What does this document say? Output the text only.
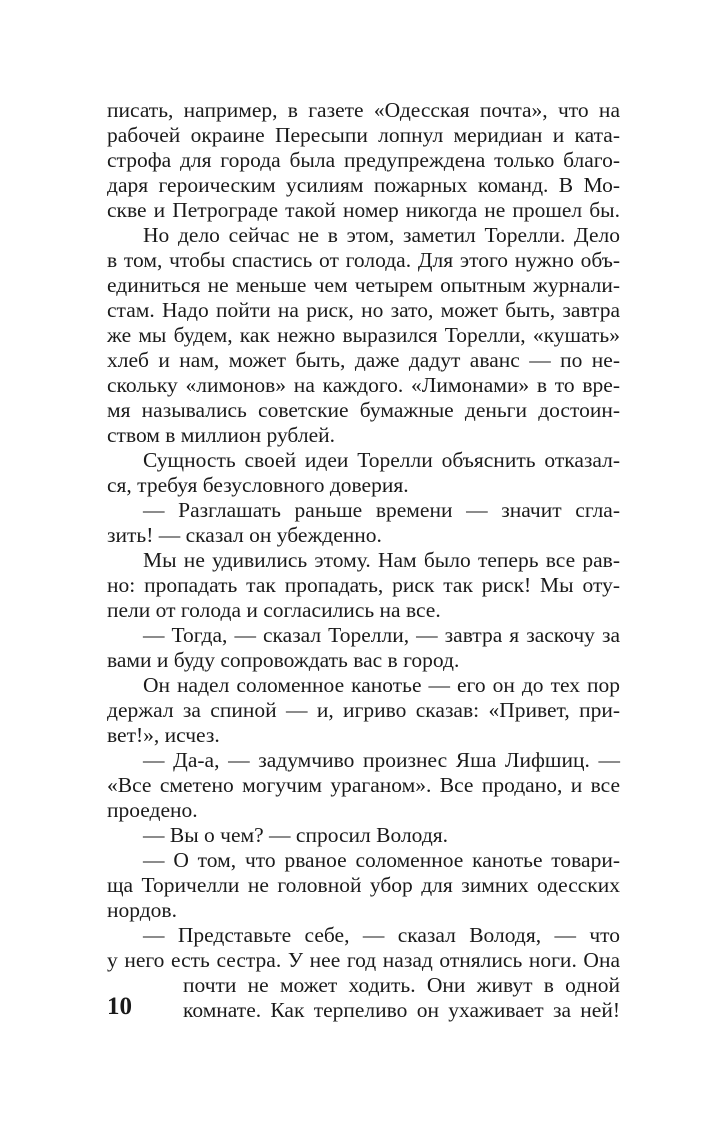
писать, например, в газете «Одесская почта», что на
рабочей окраине Пересыпи лопнул меридиан и ката-
строфа для города была предупреждена только благо-
даря героическим усилиям пожарных команд. В Мо-
скве и Петрограде такой номер никогда не прошел бы.
Но дело сейчас не в этом, заметил Торелли. Дело
в том, чтобы спастись от голода. Для этого нужно объ-
единиться не меньше чем четырем опытным журнали-
стам. Надо пойти на риск, но зато, может быть, завтра
же мы будем, как нежно выразился Торелли, «кушать»
хлеб и нам, может быть, даже дадут аванс — по не-
скольку «лимонов» на каждого. «Лимонами» в то вре-
мя назывались советские бумажные деньги достоин-
ством в миллион рублей.
Сущность своей идеи Торелли объяснить отказал-
ся, требуя безусловного доверия.
— Разглашать раньше времени — значит сгла-
зить! — сказал он убежденно.
Мы не удивились этому. Нам было теперь все рав-
но: пропадать так пропадать, риск так риск! Мы оту-
пели от голода и согласились на все.
— Тогда, — сказал Торелли, — завтра я заскочу за
вами и буду сопровождать вас в город.
Он надел соломенное канотье — его он до тех пор
держал за спиной — и, игриво сказав: «Привет, при-
вет!», исчез.
— Да-а, — задумчиво произнес Яша Лифшиц. —
«Все сметено могучим ураганом». Все продано, и все
проедено.
— Вы о чем? — спросил Володя.
— О том, что рваное соломенное канотье товари-
ща Торичелли не головной убор для зимних одесских
нордов.
— Представьте себе, — сказал Володя, — что
у него есть сестра. У нее год назад отнялись ноги. Она
почти не может ходить. Они живут в одной
комнате. Как терпеливо он ухаживает за ней!
10
